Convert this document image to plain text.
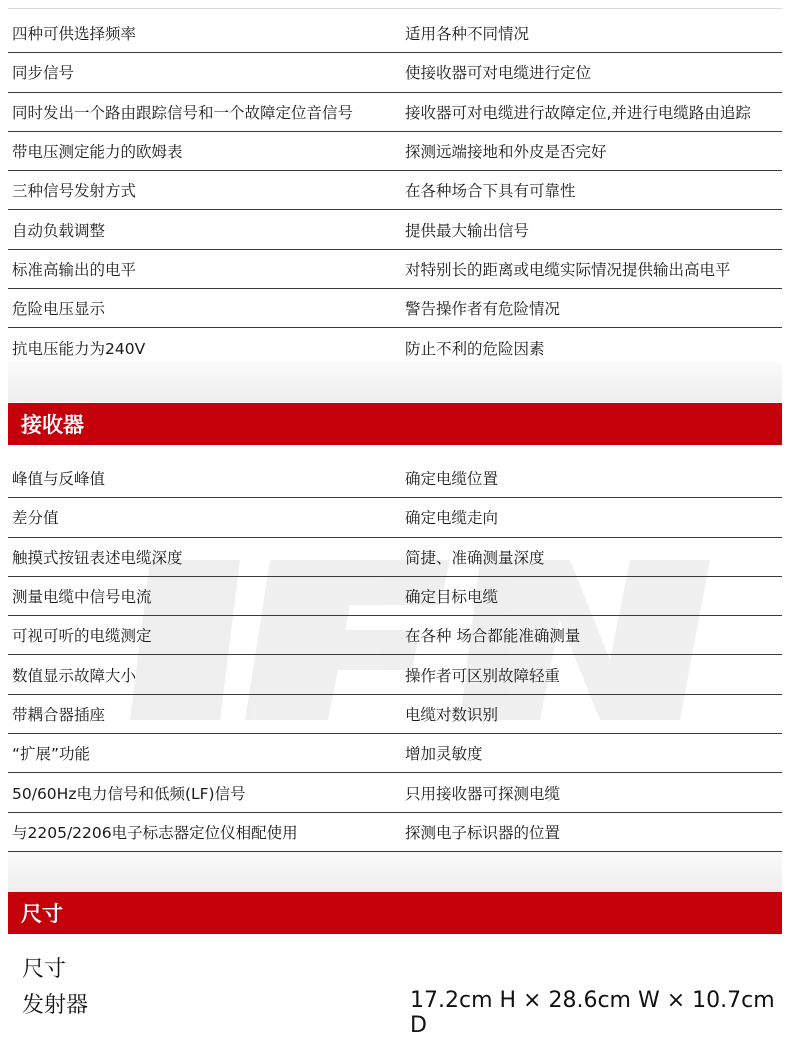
四种可供选择频率	适用各种不同情况
同步信号	使接收器可对电缆进行定位
同时发出一个路由跟踪信号和一个故障定位音信号	接收器可对电缆进行故障定位,并进行电缆路由追踪
带电压测定能力的欧姆表	探测远端接地和外皮是否完好
三种信号发射方式	在各种场合下具有可靠性
自动负载调整	提供最大输出信号
标准高输出的电平	对特别长的距离或电缆实际情况提供输出高电平
危险电压显示	警告操作者有危险情况
抗电压能力为240V	防止不利的危险因素
接收器
峰值与反峰值	确定电缆位置
差分值	确定电缆走向
触摸式按钮表述电缆深度	简捷、准确测量深度
测量电缆中信号电流	确定目标电缆
可视可听的电缆测定	在各种 场合都能准确测量
数值显示故障大小	操作者可区别故障轻重
带耦合器插座	电缆对数识别
“扩展”功能	增加灵敏度
50/60Hz电力信号和低频(LF)信号	只用接收器可探测电缆
与2205/2206电子标志器定位仪相配使用	探测电子标识器的位置
尺寸
尺寸
发射器	17.2cm H × 28.6cm W × 10.7cm D
